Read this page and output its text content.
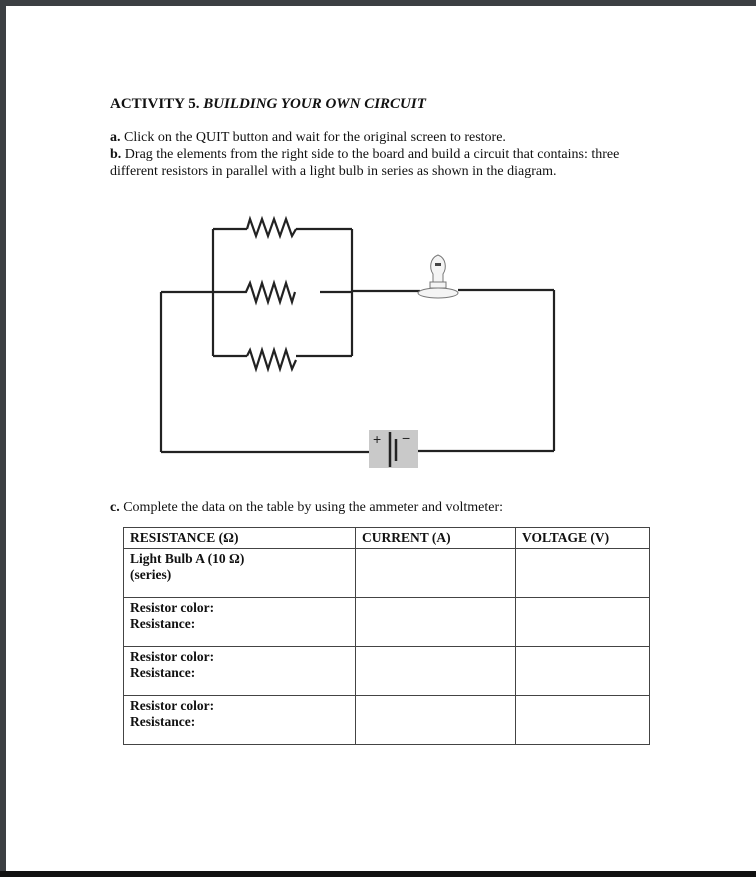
ACTIVITY 5. BUILDING YOUR OWN CIRCUIT
a. Click on the QUIT button and wait for the original screen to restore.
b. Drag the elements from the right side to the board and build a circuit that contains: three different resistors in parallel with a light bulb in series as shown in the diagram.
+ −
c. Complete the data on the table by using the ammeter and voltmeter:
RESISTANCE (Ω)	CURRENT (A)	VOLTAGE (V)

Light Bulb A (10 Ω)
(series)		

Resistor color:
Resistance:		

Resistor color:
Resistance:		

Resistor color:
Resistance:		
